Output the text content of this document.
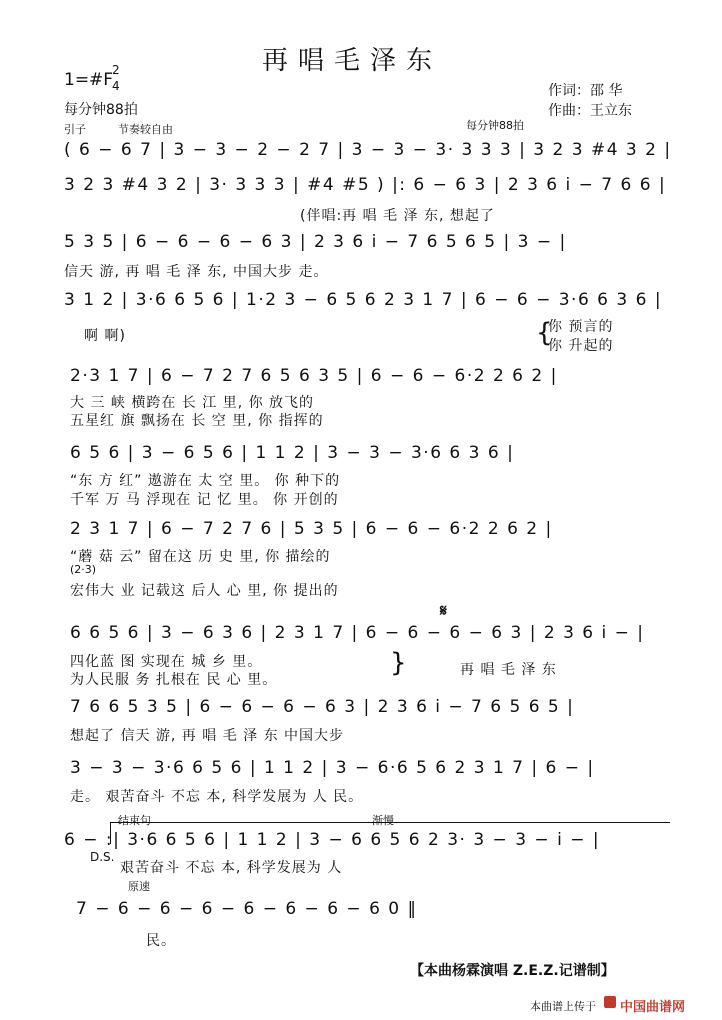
再唱毛泽东
1=#F
2
4
每分钟88拍
作词：邵 华
作曲：王立东
引子	节奏较自由	每分钟88拍
( 6 − 6 7 | 3 − 3 − 2 − 2 7 | 3 − 3 − 3· 3 3 3 | 3 2 3 #4 3 2 |
3 2 3 #4 3 2 | 3· 3 3 3 | #4 #5 ) |: 6 − 6 3 | 2 3 6 i − 7 6 6 |
(伴唱:再 唱 毛 泽 东, 想起了
5 3 5 | 6 − 6 − 6 − 6 3 | 2 3 6 i − 7 6 5 6 5 | 3 − |
信天 游, 再 唱 毛 泽 东, 中国大步 走。
3 1 2 | 3·6 6 5 6 | 1·2 3 − 6 5 6 2 3 1 7 | 6 − 6 − 3·6 6 3 6 |
啊 啊)
你 预言的
你 升起的
{
2·3 1 7 | 6 − 7 2 7 6 5 6 3 5 | 6 − 6 − 6·2 2 6 2 |
大 三 峡 横跨在 长 江 里, 你 放飞的
五星红 旗 飘扬在 长 空 里, 你 指挥的
6 5 6 | 3 − 6 5 6 | 1 1 2 | 3 − 3 − 3·6 6 3 6 |
“东 方 红” 遨游在 太 空 里。 你 种下的
千军 万 马 浮现在 记 忆 里。 你 开创的
2 3 1 7 | 6 − 7 2 7 6 | 5 3 5 | 6 − 6 − 6·2 2 6 2 |
“蘑 菇 云” 留在这 历 史 里, 你 描绘的
(2·3)
宏伟大 业 记载这 后人 心 里, 你 提出的
𝄋
6 6 5 6 | 3 − 6 3 6 | 2 3 1 7 | 6 − 6 − 6 − 6 3 | 2 3 6 i − |
四化蓝 图 实现在 城 乡 里。
为人民服 务 扎根在 民 心 里。
再 唱 毛 泽 东
}
7 6 6 5 3 5 | 6 − 6 − 6 − 6 3 | 2 3 6 i − 7 6 5 6 5 |
想起了 信天 游, 再 唱 毛 泽 东 中国大步
3 − 3 − 3·6 6 5 6 | 1 1 2 | 3 − 6·6 5 6 2 3 1 7 | 6 − |
走。 艰苦奋斗 不忘 本, 科学发展为 人 民。
结束句	渐慢
6 − :| 3·6 6 5 6 | 1 1 2 | 3 − 6 6 5 6 2 3· 3 − 3 − i − |
D.S.
艰苦奋斗 不忘 本, 科学发展为 人
原速
7 − 6 − 6 − 6 − 6 − 6 − 6 − 6 0 ‖
民。
【本曲杨霖演唱 Z.E.Z.记谱制】
本曲谱上传于 中国曲谱网
